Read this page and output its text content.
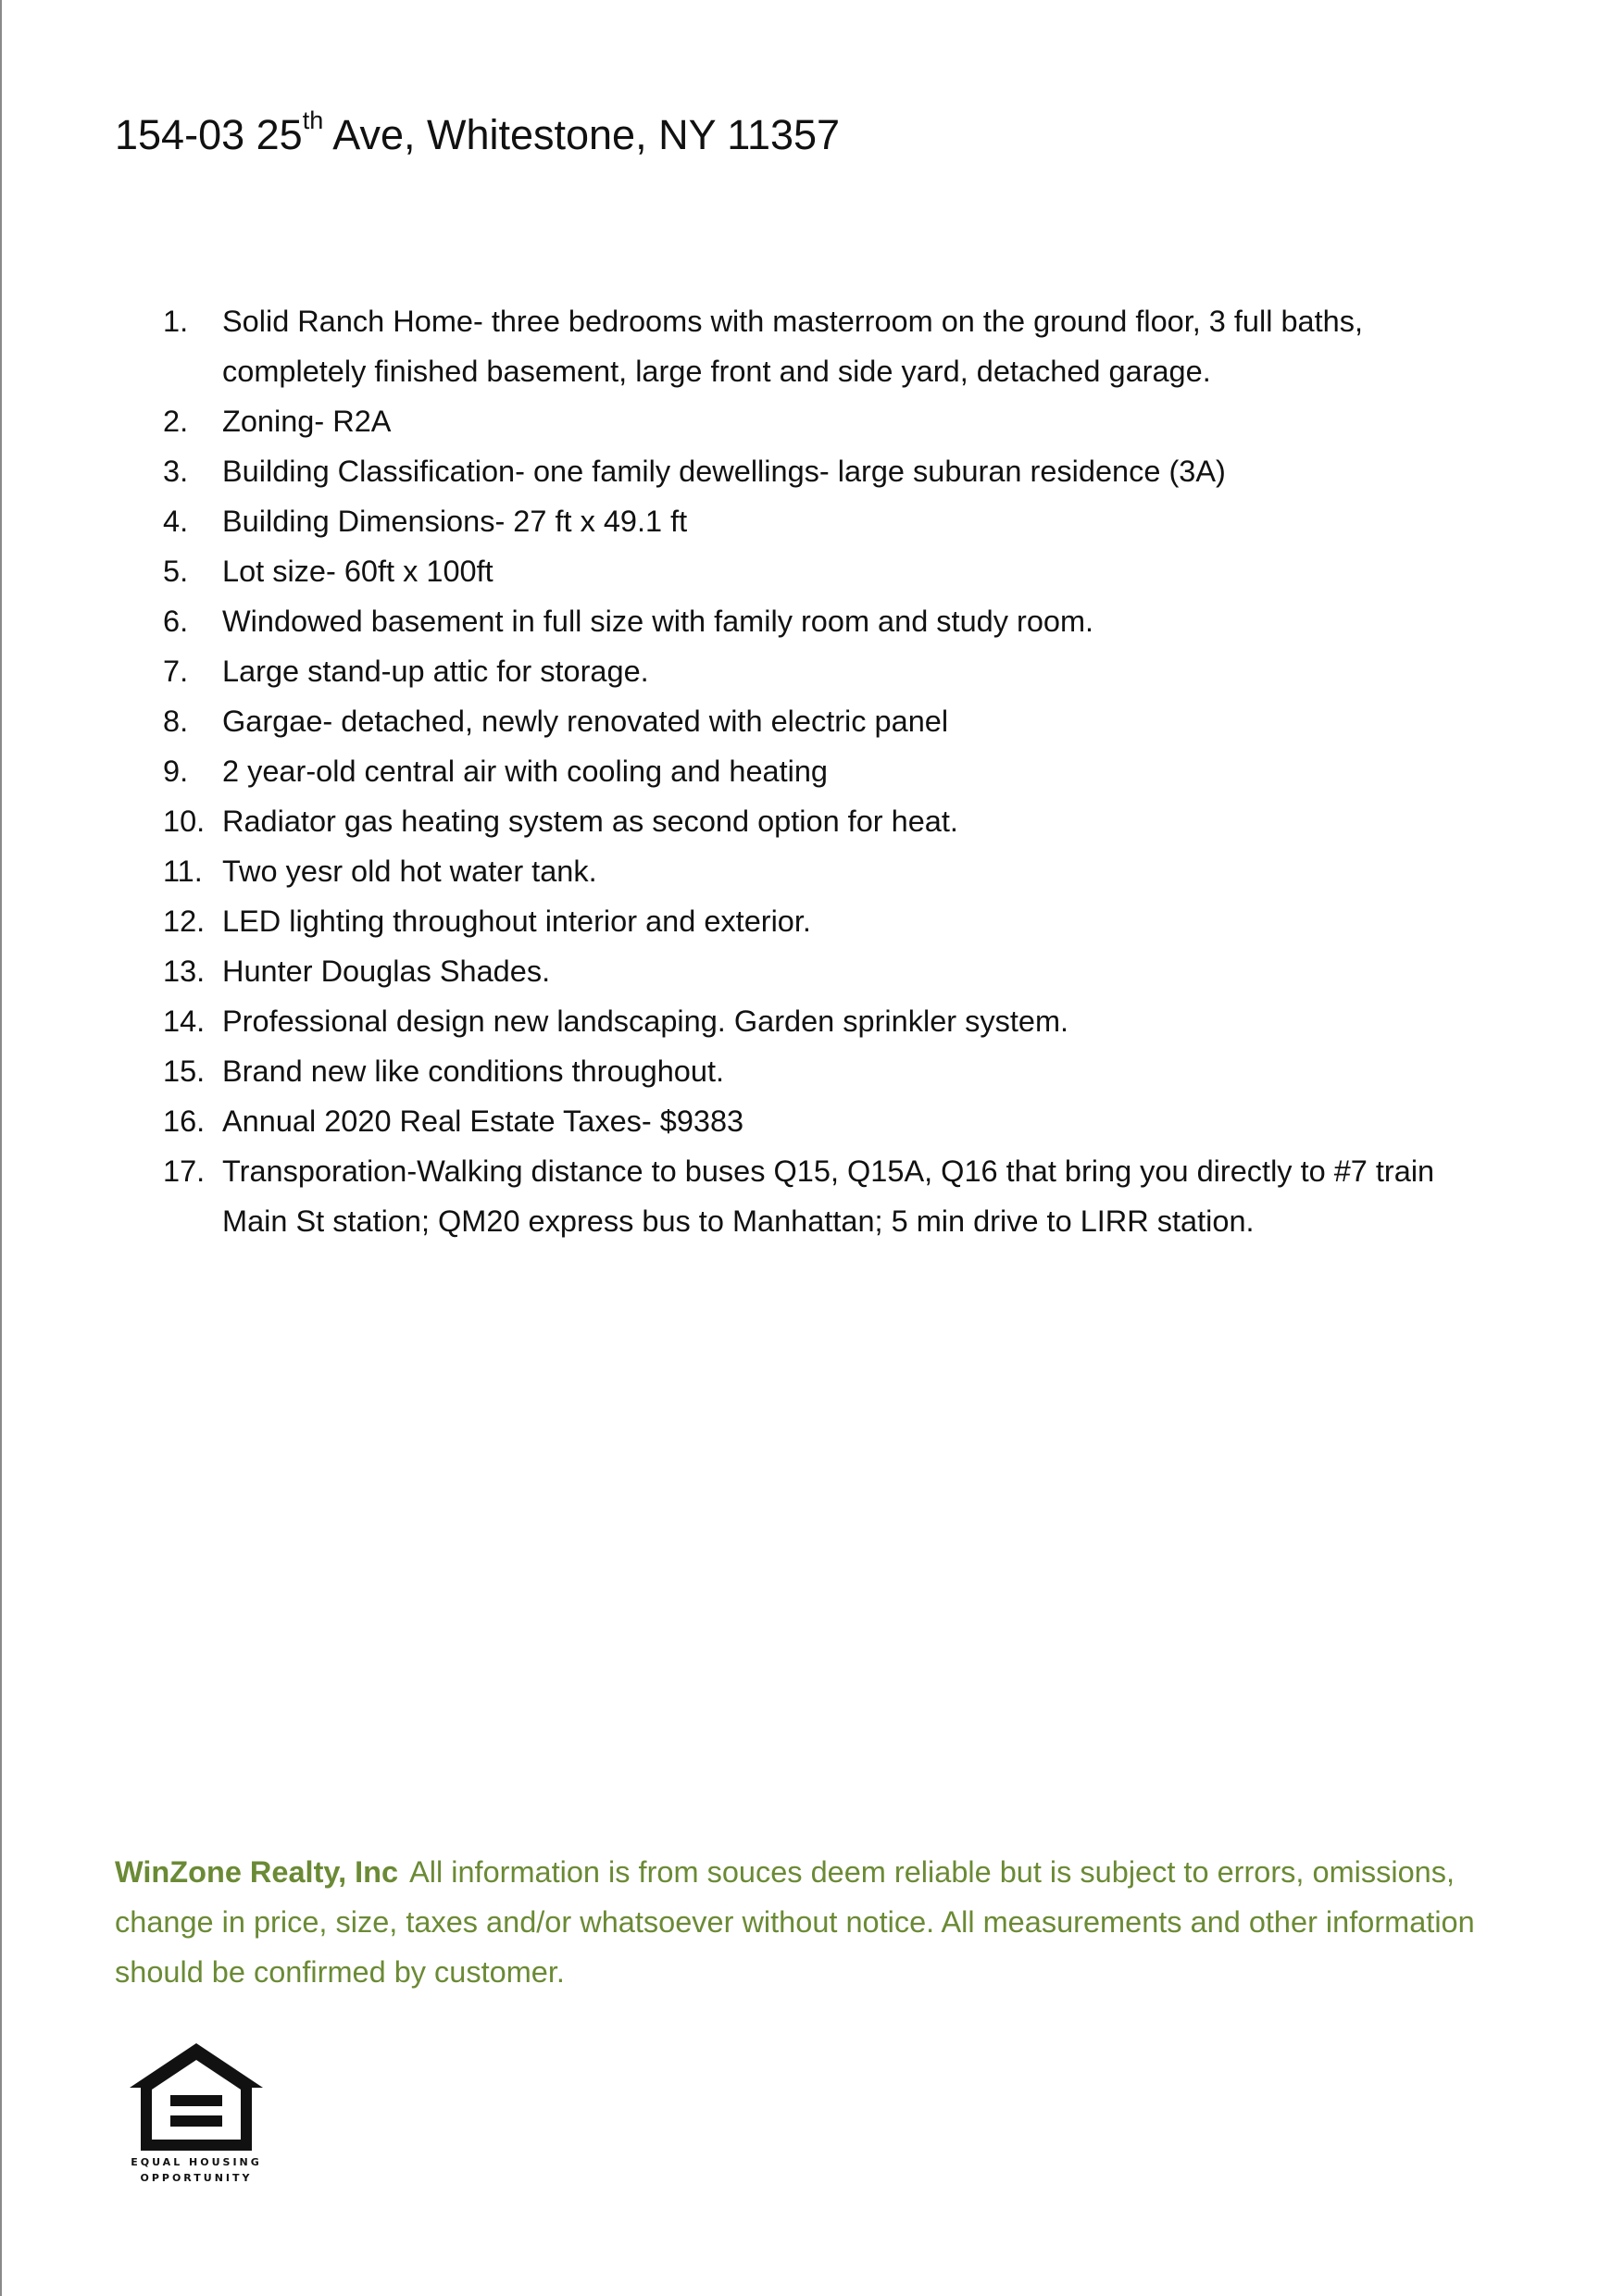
154-03 25th Ave, Whitestone, NY 11357
1.	Solid Ranch Home- three bedrooms with masterroom on the ground floor, 3 full baths, completely finished basement, large front and side yard, detached garage.
2.	Zoning- R2A
3.	Building Classification- one family dewellings- large suburan residence (3A)
4.	Building Dimensions- 27 ft x 49.1 ft
5.	Lot size- 60ft x 100ft
6.	Windowed basement in full size with family room and study room.
7.	Large stand-up attic for storage.
8.	Gargae- detached, newly renovated with electric panel
9.	2 year-old central air with cooling and heating
10. Radiator gas heating system as second option for heat.
11. Two yesr old hot water tank.
12. LED lighting throughout interior and exterior.
13. Hunter Douglas Shades.
14. Professional design new landscaping. Garden sprinkler system.
15. Brand new like conditions throughout.
16. Annual 2020 Real Estate Taxes- $9383
17. Transporation-Walking distance to buses Q15, Q15A, Q16 that bring you directly to #7 train Main St station; QM20 express bus to Manhattan; 5 min drive to LIRR station.

WinZone Realty, Inc All information is from souces deem reliable but is subject to errors, omissions, change in price, size, taxes and/or whatsoever without notice. All measurements and other information should be confirmed by customer.

EQUAL HOUSING
OPPORTUNITY
